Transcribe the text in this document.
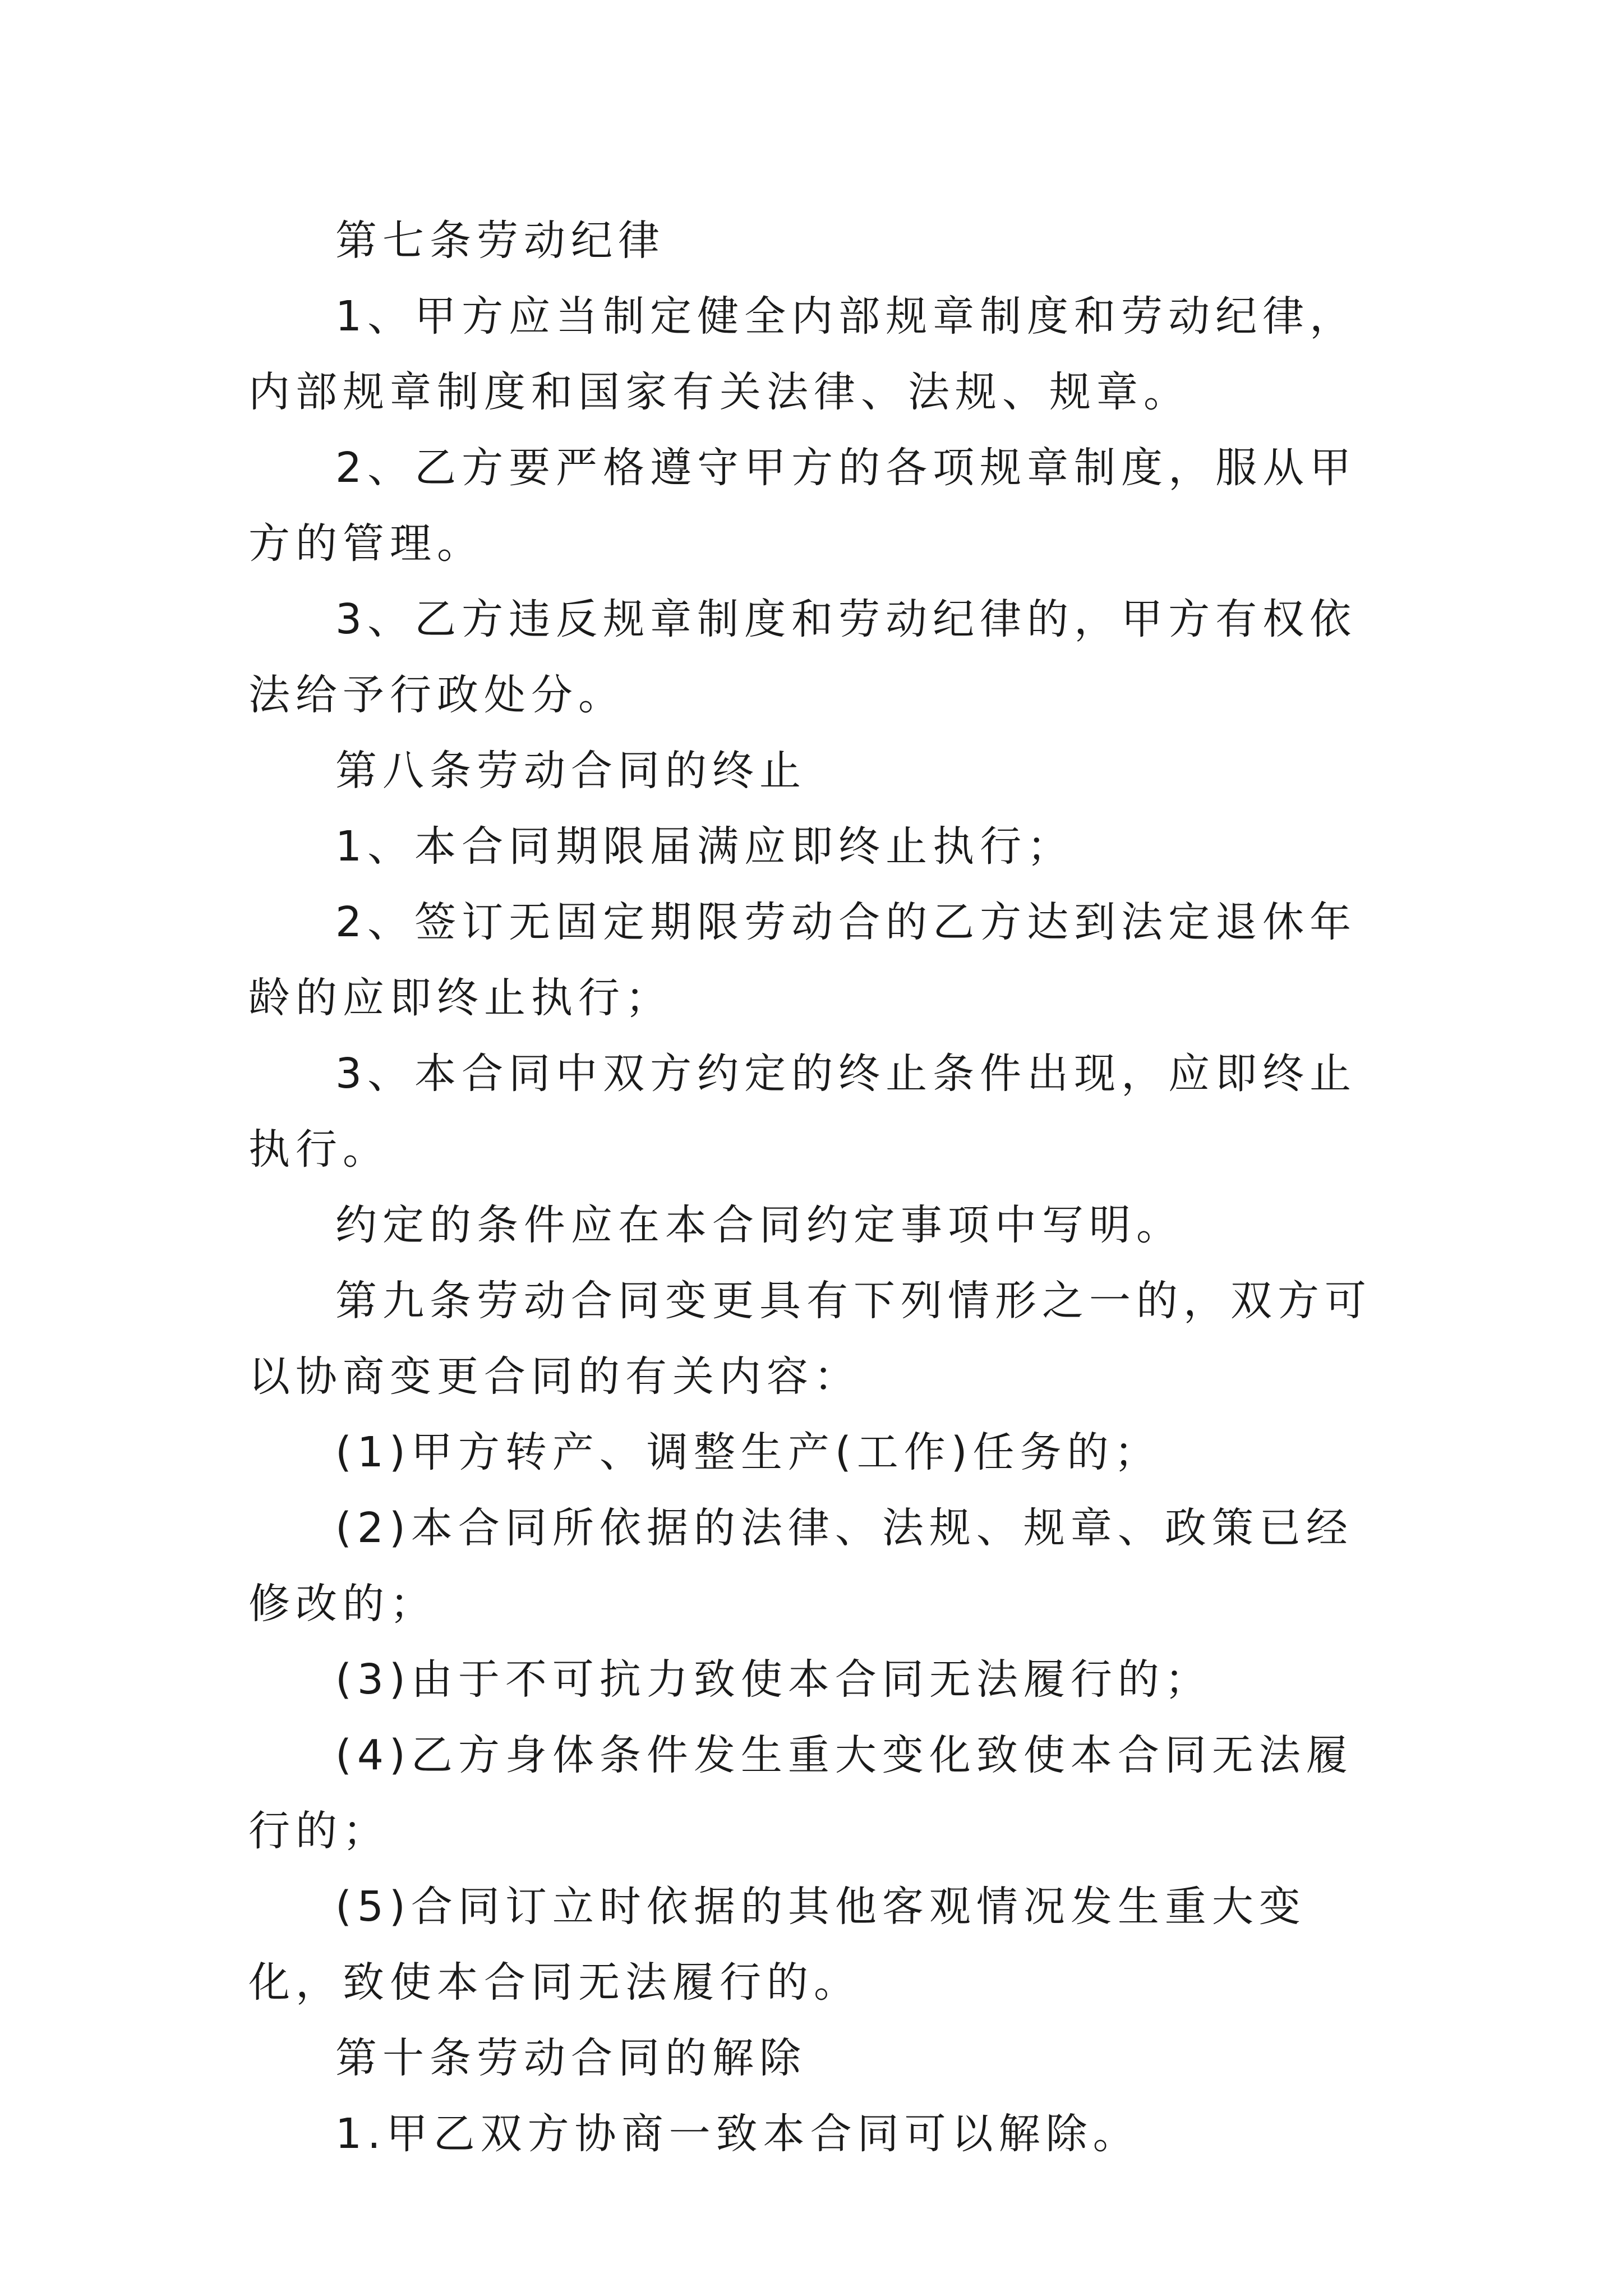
第七条劳动纪律

1、甲方应当制定健全内部规章制度和劳动纪律，内部规章制度和国家有关法律、法规、规章。

2、乙方要严格遵守甲方的各项规章制度，服从甲方的管理。

3、乙方违反规章制度和劳动纪律的，甲方有权依法给予行政处分。

第八条劳动合同的终止

1、本合同期限届满应即终止执行；

2、签订无固定期限劳动合的乙方达到法定退休年龄的应即终止执行；

3、本合同中双方约定的终止条件出现，应即终止执行。

约定的条件应在本合同约定事项中写明。

第九条劳动合同变更具有下列情形之一的，双方可以协商变更合同的有关内容：

(1)甲方转产、调整生产(工作)任务的；

(2)本合同所依据的法律、法规、规章、政策已经修改的；

(3)由于不可抗力致使本合同无法履行的；

(4)乙方身体条件发生重大变化致使本合同无法履行的；

(5)合同订立时依据的其他客观情况发生重大变化，致使本合同无法履行的。

第十条劳动合同的解除

1.甲乙双方协商一致本合同可以解除。
